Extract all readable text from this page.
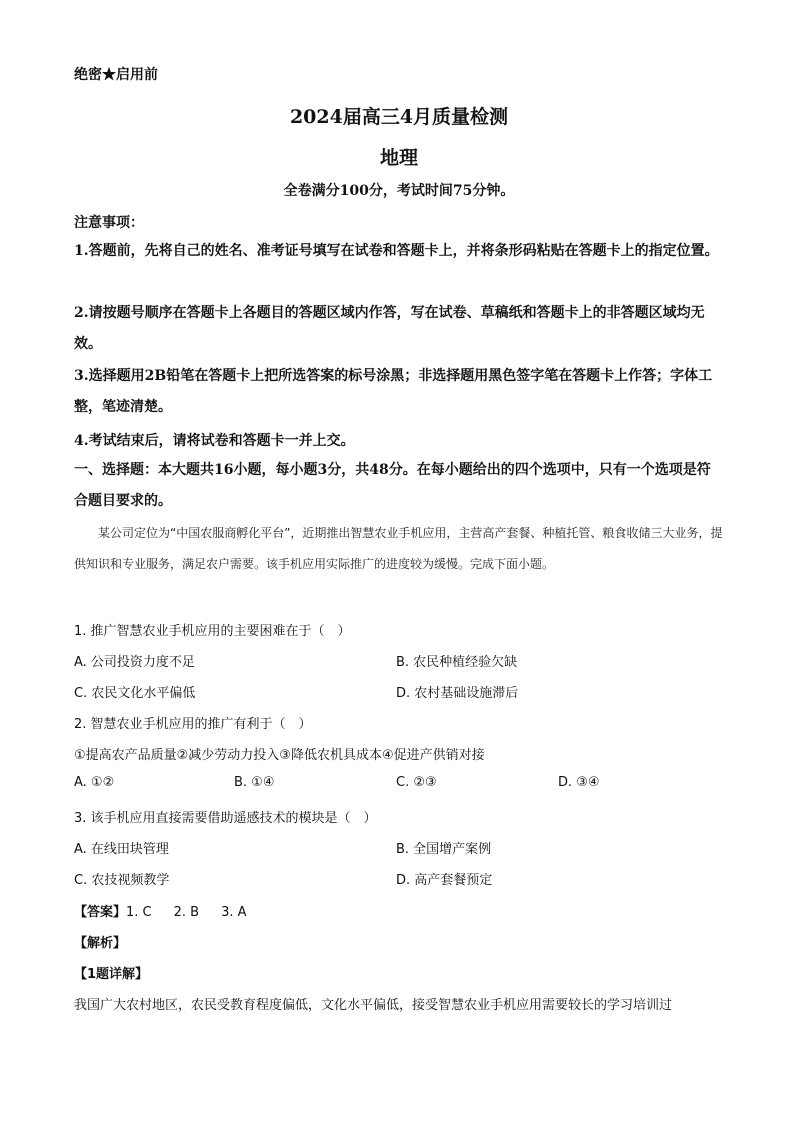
绝密★启用前
2024届高三4月质量检测
地理
全卷满分100分，考试时间75分钟。
注意事项：
1.答题前，先将自己的姓名、准考证号填写在试卷和答题卡上，并将条形码粘贴在答题卡上的指定位置。
2.请按题号顺序在答题卡上各题目的答题区域内作答，写在试卷、草稿纸和答题卡上的非答题区域均无效。
3.选择题用2B铅笔在答题卡上把所选答案的标号涂黑；非选择题用黑色签字笔在答题卡上作答；字体工整，笔迹清楚。
4.考试结束后，请将试卷和答题卡一并上交。
一、选择题：本大题共16小题，每小题3分，共48分。在每小题给出的四个选项中，只有一个选项是符合题目要求的。
某公司定位为“中国农服商孵化平台”，近期推出智慧农业手机应用，主营高产套餐、种植托管、粮食收储三大业务，提供知识和专业服务，满足农户需要。该手机应用实际推广的进度较为缓慢。完成下面小题。
1. 推广智慧农业手机应用的主要困难在于（　）
A. 公司投资力度不足	B. 农民种植经验欠缺
C. 农民文化水平偏低	D. 农村基础设施滞后
2. 智慧农业手机应用的推广有利于（　）
①提高农产品质量②减少劳动力投入③降低农机具成本④促进产供销对接
A. ①②	B. ①④	C. ②③	D. ③④
3. 该手机应用直接需要借助遥感技术的模块是（　）
A. 在线田块管理	B. 全国增产案例
C. 农技视频教学	D. 高产套餐预定
【答案】1. C 2. B 3. A
【解析】
【1题详解】
我国广大农村地区，农民受教育程度偏低，文化水平偏低，接受智慧农业手机应用需要较长的学习培训过
